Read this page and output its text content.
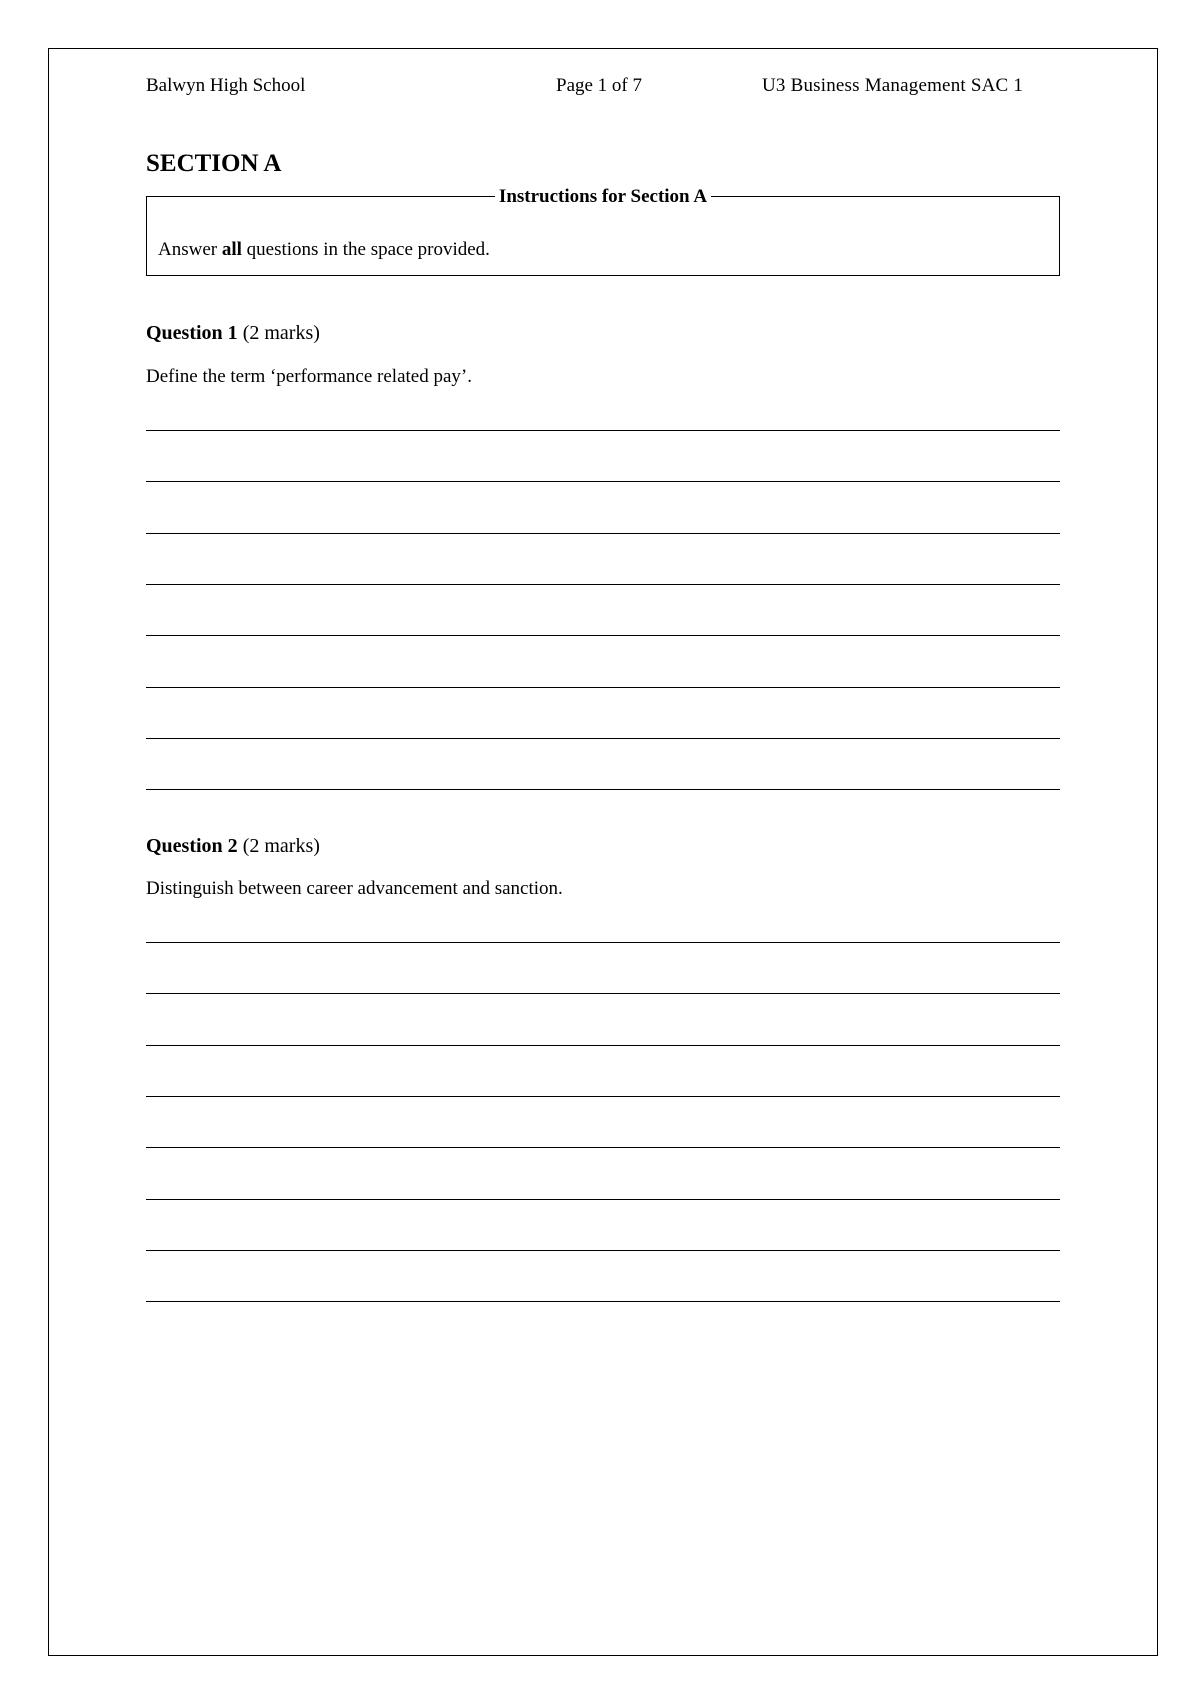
Balwyn High School	Page 1 of 7	U3 Business Management SAC 1
SECTION A
Instructions for Section A
Answer all questions in the space provided.
Question 1 (2 marks)
Define the term ‘performance related pay’.
Question 2 (2 marks)
Distinguish between career advancement and sanction.
